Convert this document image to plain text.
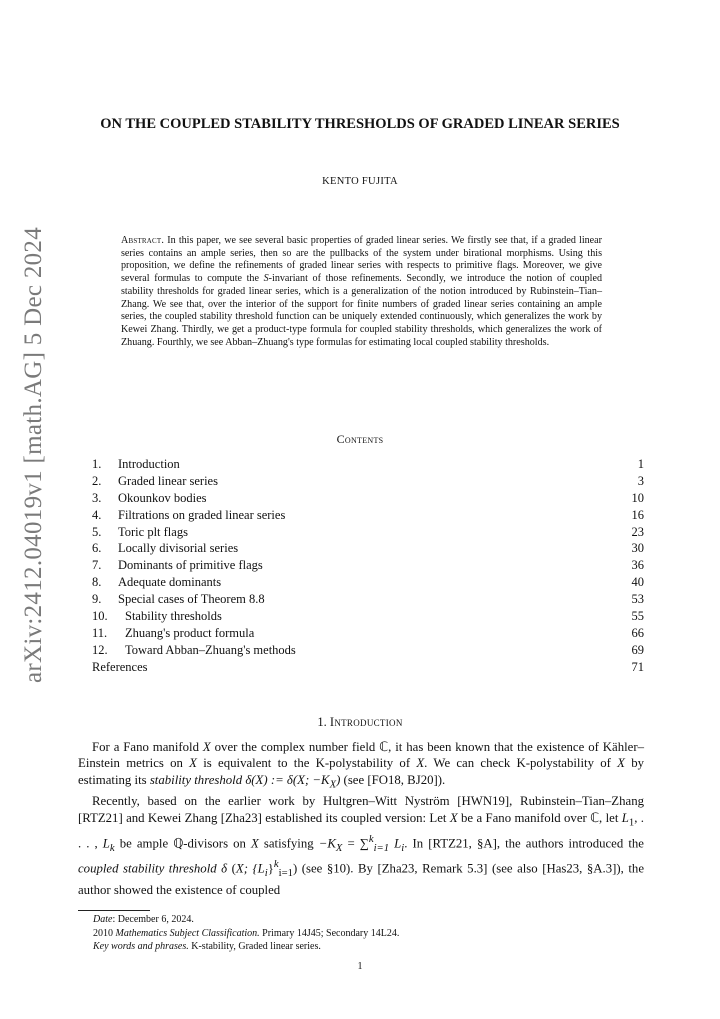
arXiv:2412.04019v1 [math.AG] 5 Dec 2024
ON THE COUPLED STABILITY THRESHOLDS OF GRADED LINEAR SERIES
KENTO FUJITA
Abstract. In this paper, we see several basic properties of graded linear series. We firstly see that, if a graded linear series contains an ample series, then so are the pullbacks of the system under birational morphisms. Using this proposition, we define the refinements of graded linear series with respects to primitive flags. Moreover, we give several formulas to compute the S-invariant of those refinements. Secondly, we introduce the notion of coupled stability thresholds for graded linear series, which is a generalization of the notion introduced by Rubinstein–Tian–Zhang. We see that, over the interior of the support for finite numbers of graded linear series containing an ample series, the coupled stability threshold function can be uniquely extended continuously, which generalizes the work by Kewei Zhang. Thirdly, we get a product-type formula for coupled stability thresholds, which generalizes the work of Zhuang. Fourthly, we see Abban–Zhuang's type formulas for estimating local coupled stability thresholds.
Contents
1.	Introduction	1
2.	Graded linear series	3
3.	Okounkov bodies	10
4.	Filtrations on graded linear series	16
5.	Toric plt flags	23
6.	Locally divisorial series	30
7.	Dominants of primitive flags	36
8.	Adequate dominants	40
9.	Special cases of Theorem 8.8	53
10.	Stability thresholds	55
11.	Zhuang's product formula	66
12.	Toward Abban–Zhuang's methods	69
References	71
1. Introduction

For a Fano manifold X over the complex number field ℂ, it has been known that the existence of Kähler–Einstein metrics on X is equivalent to the K-polystability of X. We can check K-polystability of X by estimating its stability threshold δ(X) := δ(X; $-K_X$) (see [FO18, BJ20]).

Recently, based on the earlier work by Hultgren–Witt Nyström [HWN19], Rubinstein–Tian–Zhang [RTZ21] and Kewei Zhang [Zha23] established its coupled version: Let X be a Fano manifold over ℂ, let $L_1$, . . . , $L_k$ be ample ℚ-divisors on X satisfying $-K_X = \sum^k_{i=1}$ $L_i$. In [RTZ21, §A], the authors introduced the coupled stability threshold δ (X; $\{L_i\}^k_{i=1}$) (see §10). By [Zha23, Remark 5.3] (see also [Has23, §A.3]), the author showed the existence of coupled

Date: December 6, 2024.
2010 Mathematics Subject Classification. Primary 14J45; Secondary 14L24.
Key words and phrases. K-stability, Graded linear series.
1
